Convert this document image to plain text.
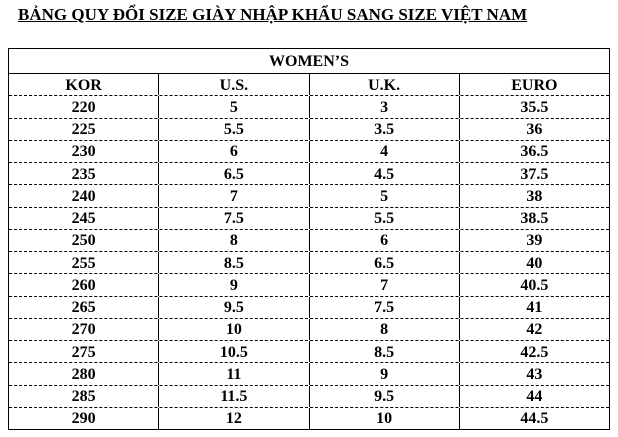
BẢNG QUY ĐỔI SIZE GIÀY NHẬP KHẨU SANG SIZE VIỆT NAM
WOMEN’S
KOR	U.S.	U.K.	EURO
220	5	3	35.5
225	5.5	3.5	36
230	6	4	36.5
235	6.5	4.5	37.5
240	7	5	38
245	7.5	5.5	38.5
250	8	6	39
255	8.5	6.5	40
260	9	7	40.5
265	9.5	7.5	41
270	10	8	42
275	10.5	8.5	42.5
280	11	9	43
285	11.5	9.5	44
290	12	10	44.5
